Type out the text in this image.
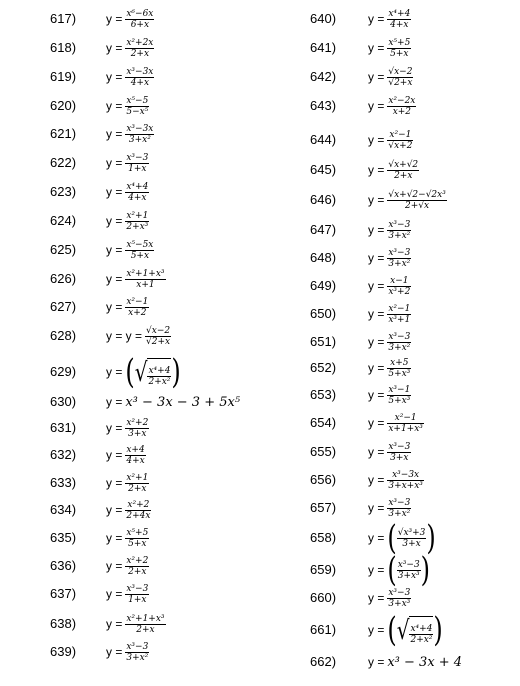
617) $y = \frac{\text{x⁶−6x}}{6+x}$
618) $y = \frac{\text{x²+2x}}{2+x}$
619) $y = \frac{\text{x³−3x}}{4+x}$
620) $y = \frac{\text{x⁵−5}}{\text{5−x⁵}}$
621) $y = \frac{\text{x³−3x}}{\text{3+x²}}$
622) $y = \frac{\text{x³−3}}{1+x}$
623) $y = \frac{\text{x⁴+4}}{4+x}$
624) $y = \frac{\text{x²+1}}{\text{2+x³}}$
625) $y = \frac{\text{x⁵−5x}}{5+x}$
626) $y = \frac{\text{x²+1+x³}}{x+1}$
627) $y = \frac{\text{x²−1}}{x+2}$
628) $y = y = \frac{√x-2}{√2+x}$
629) y = ( √ $\frac{\text{x⁴+4}}{\text{2+x²}}$ )
630) y = x³ − 3x − 3 + 5x⁵
631) $y = \frac{\text{x²+2}}{3+x}$
632) $y = \frac{x+4}{4+x}$
633) $y = \frac{\text{x²+1}}{2+x}$
634) $y = \frac{\text{x²+2}}{2+4x}$
635) $y = \frac{\text{x⁵+5}}{5+x}$
636) $y = \frac{\text{x²+2}}{2+x}$
637) $y = \frac{\text{x³−3}}{1+x}$
638) $y = \frac{\text{x²+1+x³}}{2+x}$
639) $y = \frac{\text{x³−3}}{\text{3+x²}}$
640)	$y = \frac{\text{x⁴+4}}{4+x}$
641)	$y = \frac{\text{x⁵+5}}{5+x}$
642)	$y = \frac{√x-2}{√2+x}$
643)	$y = \frac{\text{x²−2x}}{x+2}$
644)	$y = \frac{\text{x²−1}}{√x+2}$
645)	$y = \frac{√x+√2}{2+x}$
646)	$y = \frac{\text{√x+√2−√2x³}}{2+√x}$
647)	$y = \frac{\text{x³−3}}{\text{3+x²}}$
648)	$y = \frac{\text{x³−3}}{\text{3+x²}}$
649)	$y = \frac{x-1}{\text{x³+2}}$
650)	$y = \frac{\text{x²−1}}{\text{x³+1}}$
651)	$y = \frac{\text{x³−3}}{\text{3+x²}}$
652)	$y = \frac{x+5}{\text{5+x³}}$
653)	$y = \frac{\text{x³−1}}{\text{5+x³}}$
654)	$y = \frac{\text{x²−1}}{\text{x+1+x³}}$
655)	$y = \frac{\text{x³−3}}{3+x}$
656)	$y = \frac{\text{x³−3x}}{\text{3+x+x³}}$
657)	$y = \frac{\text{x³−3}}{\text{3+x²}}$
658)	y = ( $\frac{\text{√x³+3}}{3+x}$ )
659)	y = ( $\frac{\text{x³−3}}{\text{3+x³}}$ )
660)	$y = \frac{\text{x³−3}}{\text{3+x³}}$
661)	y = ( √ $\frac{\text{x⁴+4}}{\text{2+x²}}$ )
662)	y = x³ − 3x + 4
